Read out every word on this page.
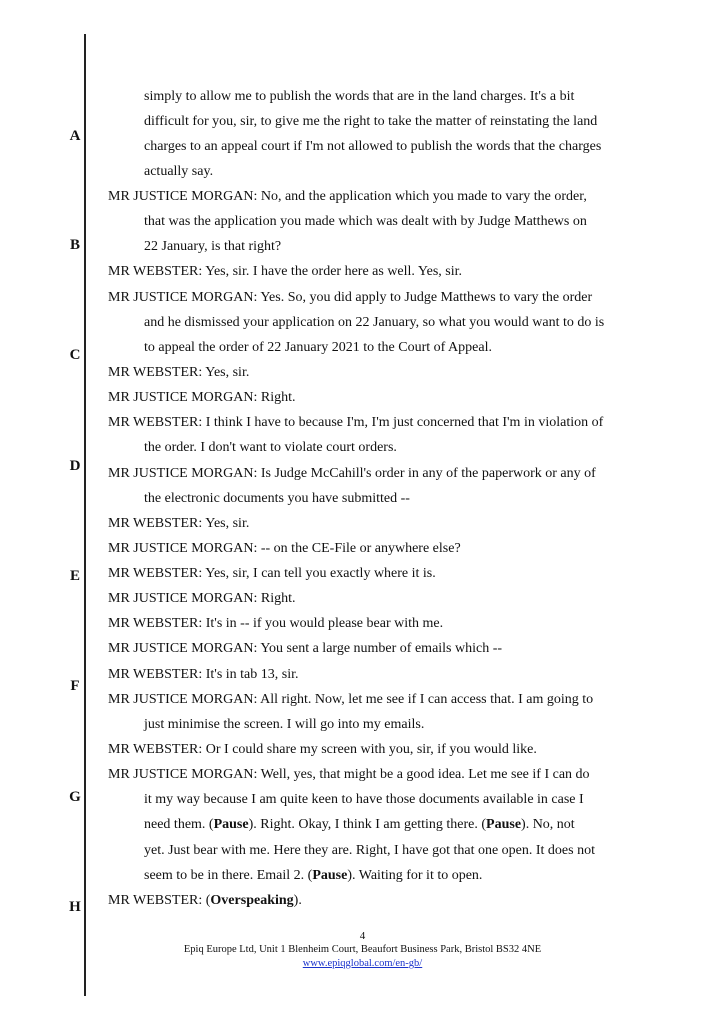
A
B
C
D
E
F
G
H
simply to allow me to publish the words that are in the land charges. It's a bit
difficult for you, sir, to give me the right to take the matter of reinstating the land
charges to an appeal court if I'm not allowed to publish the words that the charges
actually say.
MR JUSTICE MORGAN: No, and the application which you made to vary the order,
that was the application you made which was dealt with by Judge Matthews on
22 January, is that right?
MR WEBSTER: Yes, sir. I have the order here as well. Yes, sir.
MR JUSTICE MORGAN: Yes. So, you did apply to Judge Matthews to vary the order
and he dismissed your application on 22 January, so what you would want to do is
to appeal the order of 22 January 2021 to the Court of Appeal.
MR WEBSTER: Yes, sir.
MR JUSTICE MORGAN: Right.
MR WEBSTER: I think I have to because I'm, I'm just concerned that I'm in violation of
the order. I don't want to violate court orders.
MR JUSTICE MORGAN: Is Judge McCahill's order in any of the paperwork or any of
the electronic documents you have submitted --
MR WEBSTER: Yes, sir.
MR JUSTICE MORGAN: -- on the CE-File or anywhere else?
MR WEBSTER: Yes, sir, I can tell you exactly where it is.
MR JUSTICE MORGAN: Right.
MR WEBSTER: It's in -- if you would please bear with me.
MR JUSTICE MORGAN: You sent a large number of emails which --
MR WEBSTER: It's in tab 13, sir.
MR JUSTICE MORGAN: All right. Now, let me see if I can access that. I am going to
just minimise the screen. I will go into my emails.
MR WEBSTER: Or I could share my screen with you, sir, if you would like.
MR JUSTICE MORGAN: Well, yes, that might be a good idea. Let me see if I can do
it my way because I am quite keen to have those documents available in case I
need them. (Pause). Right. Okay, I think I am getting there. (Pause). No, not
yet. Just bear with me. Here they are. Right, I have got that one open. It does not
seem to be in there. Email 2. (Pause). Waiting for it to open.
MR WEBSTER: (Overspeaking).
4
Epiq Europe Ltd, Unit 1 Blenheim Court, Beaufort Business Park, Bristol BS32 4NE
www.epiqglobal.com/en-gb/
